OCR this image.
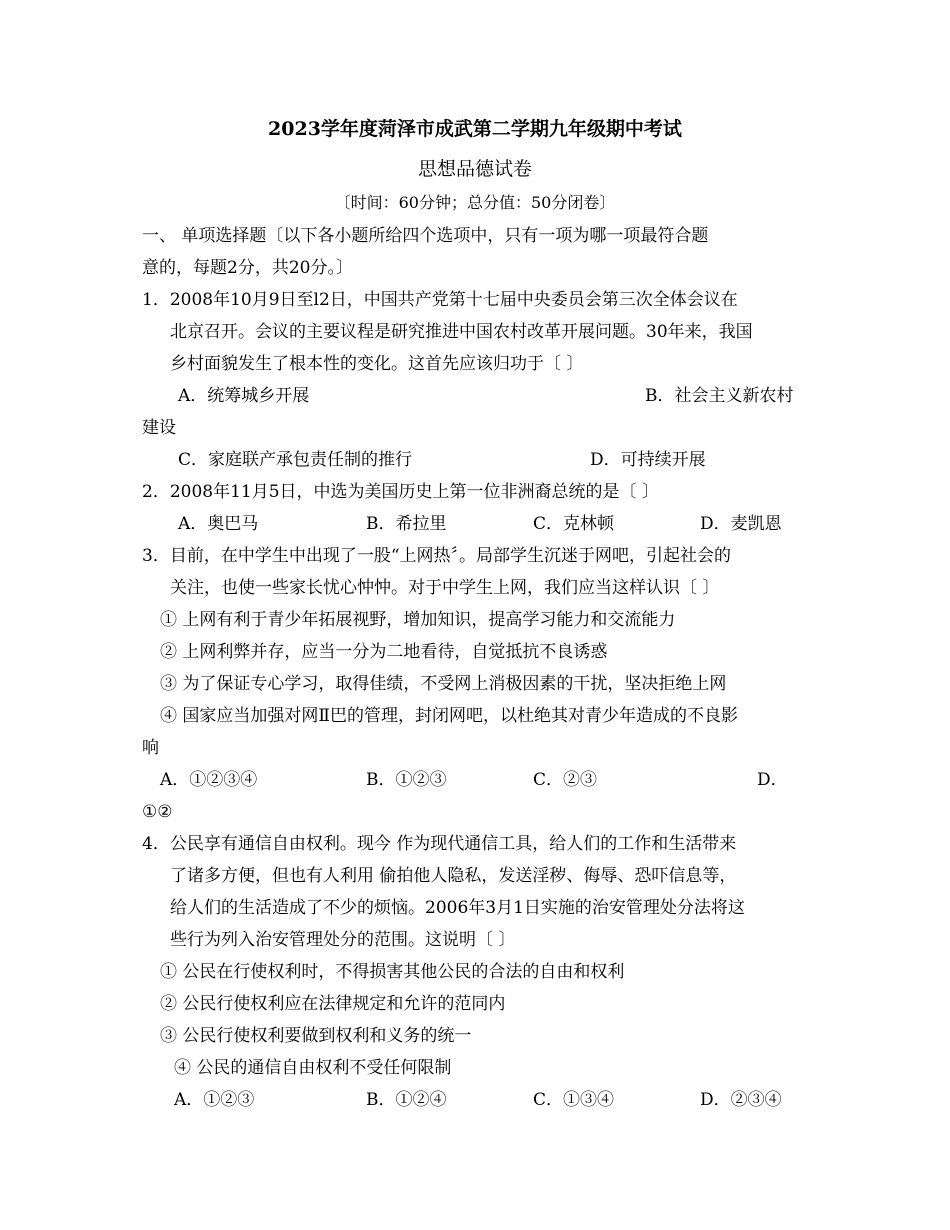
2023学年度菏泽市成武第二学期九年级期中考试
思想品德试卷
〔时间：60分钟；总分值：50分闭卷〕
一、 单项选择题〔以下各小题所给四个选项中，只有一项为哪一项最符合题
意的，每题2分，共20分。〕
1．2008年10月9日至l2日，中国共产党第十七届中央委员会第三次全体会议在
北京召开。会议的主要议程是研究推进中国农村改革开展问题。30年来，我国
乡村面貌发生了根本性的变化。这首先应该归功于〔 〕
A．统筹城乡开展	B．社会主义新农村
建设
C．家庭联产承包责任制的推行	D．可持续开展
2．2008年11月5日，中选为美国历史上第一位非洲裔总统的是〔 〕
A．奥巴马	B．希拉里	C．克林顿	D．麦凯恩
3．目前，在中学生中出现了一股“上网热〞。局部学生沉迷于网吧，引起社会的
关注，也使一些家长忧心忡忡。对于中学生上网，我们应当这样认识〔 〕
① 上网有利于青少年拓展视野，增加知识，提高学习能力和交流能力
② 上网利弊并存，应当一分为二地看待，自觉抵抗不良诱惑
③ 为了保证专心学习，取得佳绩，不受网上消极因素的干扰，坚决拒绝上网
④ 国家应当加强对网Ⅱ巴的管理，封闭网吧，以杜绝其对青少年造成的不良影
响
A．①②③④	B．①②③	C．②③	D．
①②
4．公民享有通信自由权利。现今 作为现代通信工具，给人们的工作和生活带来
了诸多方便，但也有人利用 偷拍他人隐私，发送淫秽、侮辱、恐吓信息等，
给人们的生活造成了不少的烦恼。2006年3月1日实施的治安管理处分法将这
些行为列入治安管理处分的范围。这说明〔 〕
① 公民在行使权利时，不得损害其他公民的合法的自由和权利
② 公民行使权利应在法律规定和允许的范同内
③ 公民行使权利要做到权利和义务的统一
④ 公民的通信自由权利不受任何限制
A．①②③	B．①②④	C．①③④	D．②③④
